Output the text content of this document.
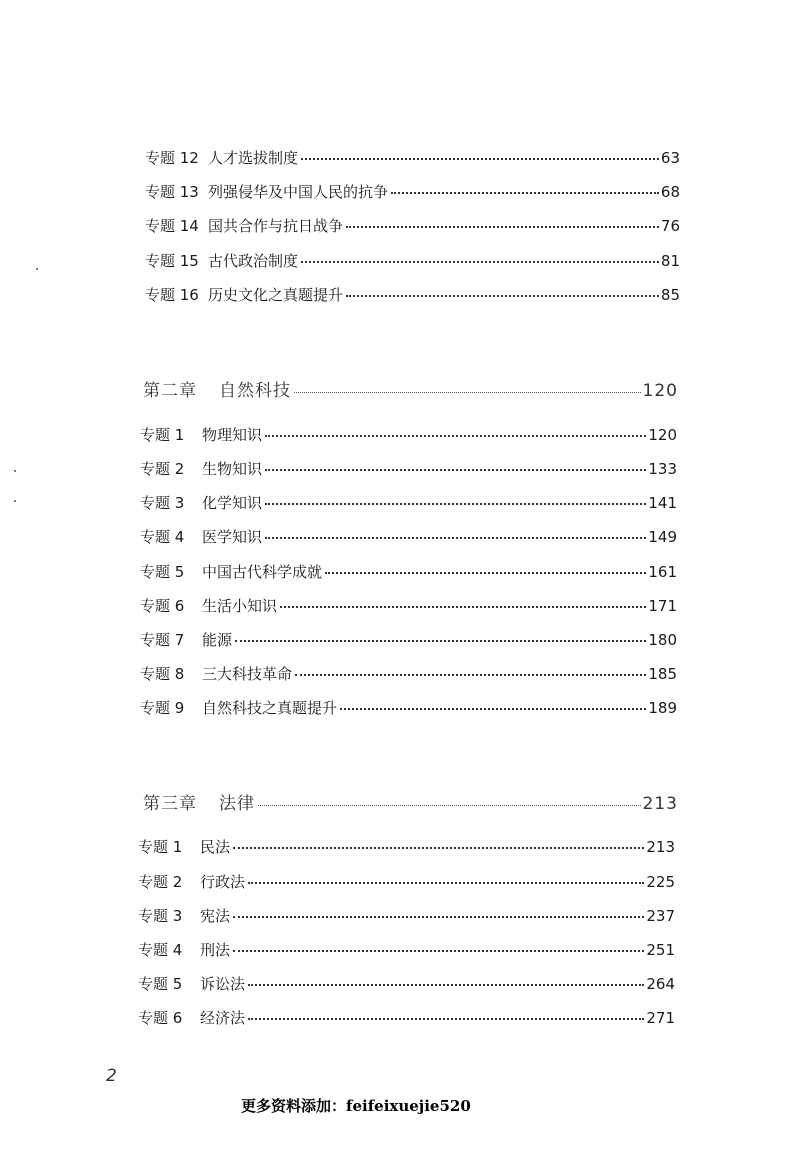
专题 12 人才选拔制度	63
专题 13 列强侵华及中国人民的抗争	68
专题 14 国共合作与抗日战争	76
专题 15 古代政治制度	81
专题 16 历史文化之真题提升	85
第二章	自然科技	120
专题 1	物理知识	120
专题 2	生物知识	133
专题 3	化学知识	141
专题 4	医学知识	149
专题 5	中国古代科学成就	161
专题 6	生活小知识	171
专题 7	能源	180
专题 8	三大科技革命	185
专题 9	自然科技之真题提升	189
第三章	法律	213
专题 1	民法	213
专题 2	行政法	225
专题 3	宪法	237
专题 4	刑法	251
专题 5	诉讼法	264
专题 6	经济法	271
2
更多资料添加：feifeixuejie520
